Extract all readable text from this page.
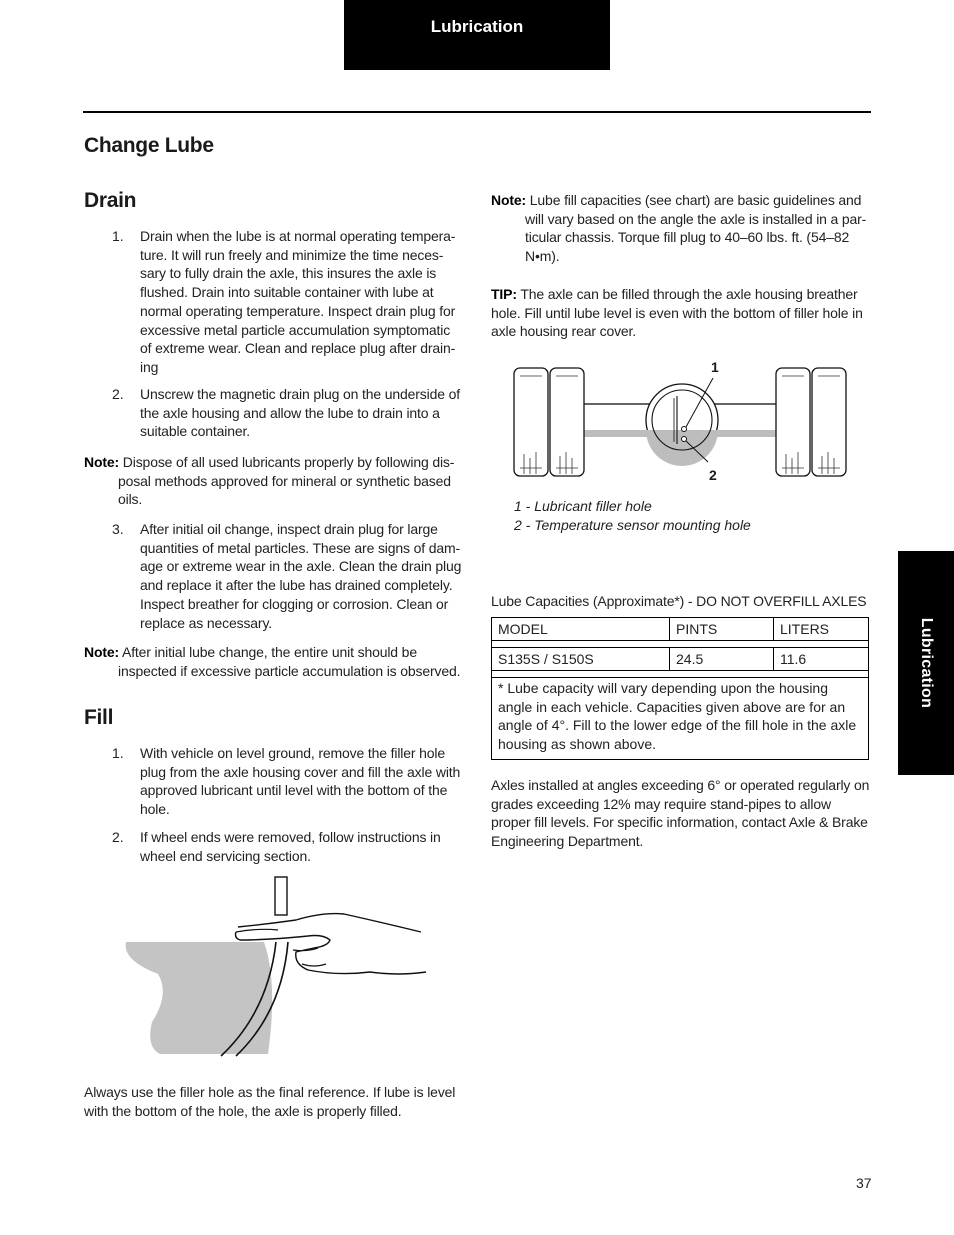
Lubrication
Lubrication
Change Lube
Drain
1. Drain when the lube is at normal operating tempera- ture. It will run freely and minimize the time neces- sary to fully drain the axle, this insures the axle is flushed. Drain into suitable container with lube at normal operating temperature. Inspect drain plug for excessive metal particle accumulation symptomatic of extreme wear. Clean and replace plug after drain- ing
2. Unscrew the magnetic drain plug on the underside of the axle housing and allow the lube to drain into a suitable container.
Note: Dispose of all used lubricants properly by following dis- posal methods approved for mineral or synthetic based oils.
3. After initial oil change, inspect drain plug for large quantities of metal particles. These are signs of dam- age or extreme wear in the axle. Clean the drain plug and replace it after the lube has drained completely. Inspect breather for clogging or corrosion. Clean or replace as necessary.
Note: After initial lube change, the entire unit should be inspected if excessive particle accumulation is observed.
Fill
1. With vehicle on level ground, remove the filler hole plug from the axle housing cover and fill the axle with approved lubricant until level with the bottom of the hole.
2. If wheel ends were removed, follow instructions in wheel end servicing section.
Always use the filler hole as the final reference. If lube is level with the bottom of the hole, the axle is properly filled.
Note: Lube fill capacities (see chart) are basic guidelines and will vary based on the angle the axle is installed in a par- ticular chassis. Torque fill plug to 40–60 lbs. ft. (54–82 N•m).
TIP: The axle can be filled through the axle housing breather hole. Fill until lube level is even with the bottom of filler hole in axle housing rear cover.
1
2
1 - Lubricant filler hole
2 - Temperature sensor mounting hole
Lube Capacities (Approximate*) - DO NOT OVERFILL AXLES
MODEL	PINTS	LITERS

S135S / S150S	24.5	11.6

* Lube capacity will vary depending upon the housing angle in each vehicle. Capacities given above are for an angle of 4°. Fill to the lower edge of the fill hole in the axle housing as shown above.		
Axles installed at angles exceeding 6° or operated regularly on grades exceeding 12% may require stand-pipes to allow proper fill levels. For specific information, contact Axle & Brake Engineering Department.
37
